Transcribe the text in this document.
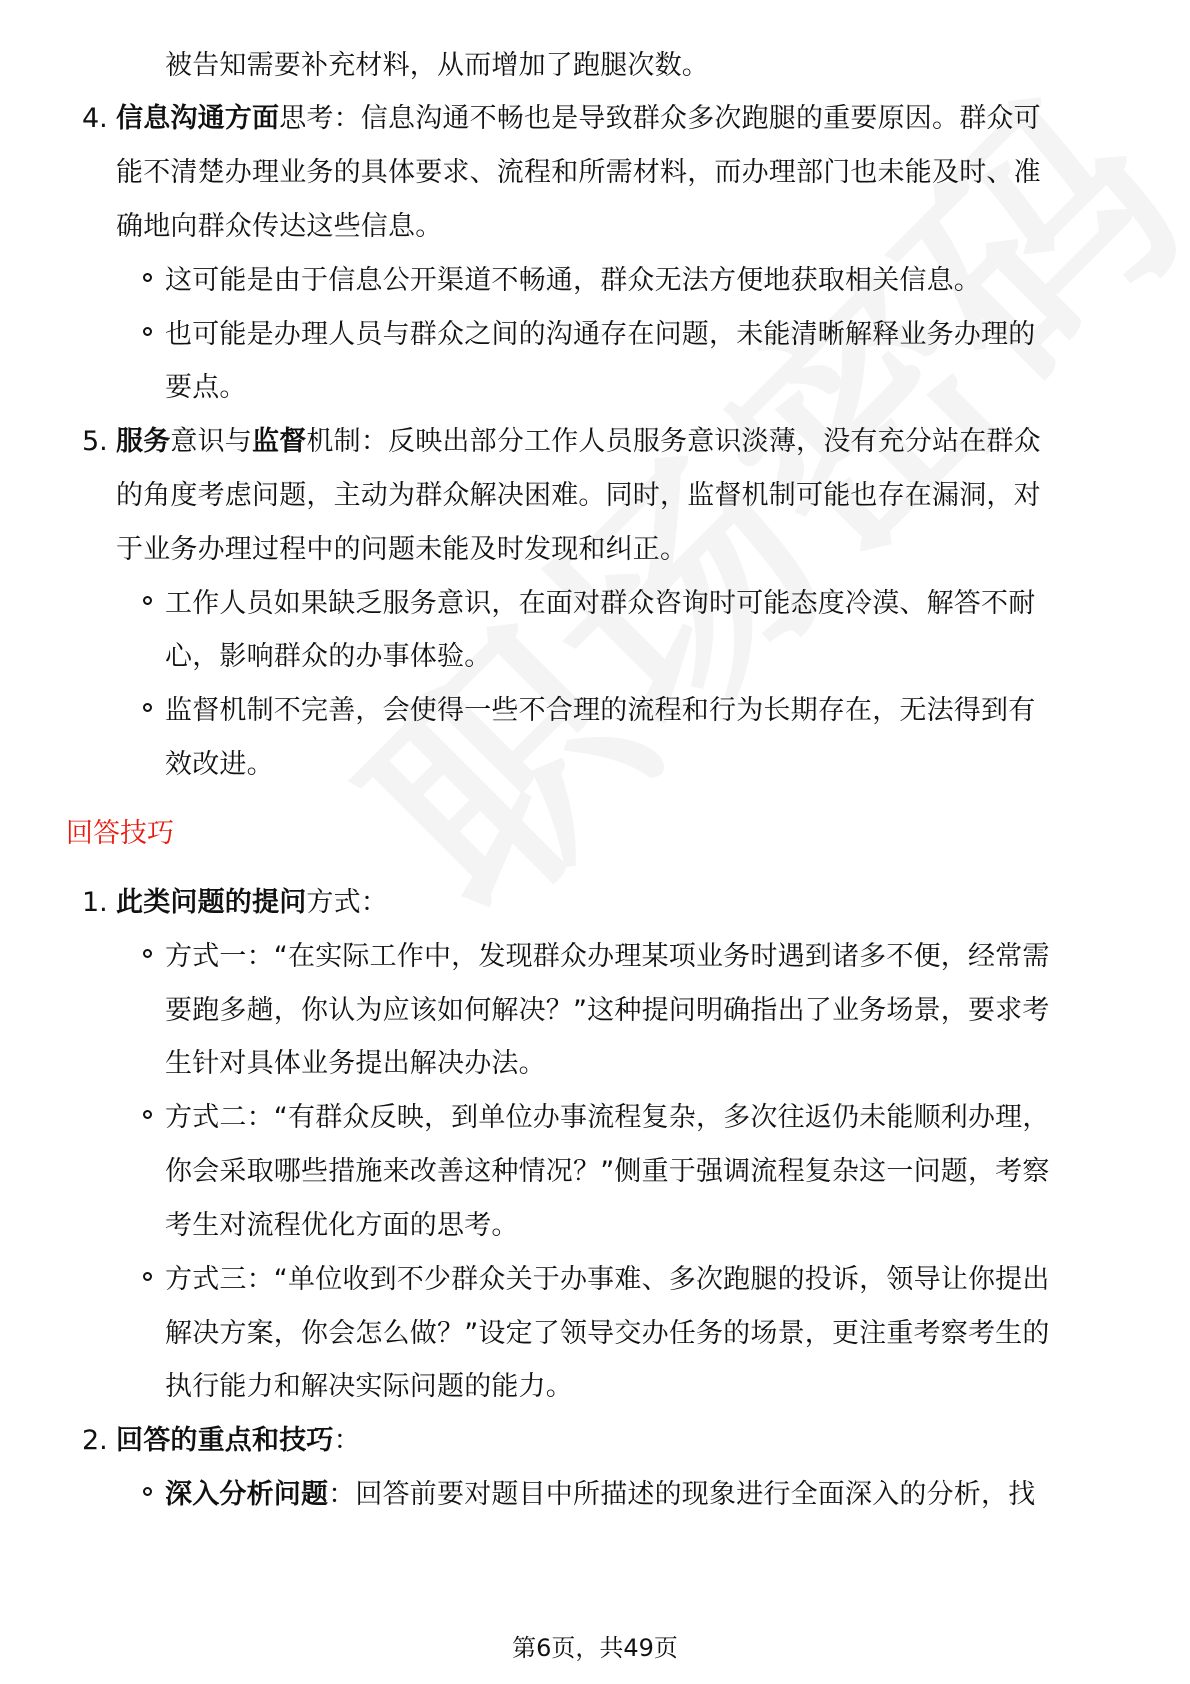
被告知需要补充材料，从而增加了跑腿次数。
4. 信息沟通方面思考：信息沟通不畅也是导致群众多次跑腿的重要原因。群众可
能不清楚办理业务的具体要求、流程和所需材料，而办理部门也未能及时、准
确地向群众传达这些信息。
这可能是由于信息公开渠道不畅通，群众无法方便地获取相关信息。
也可能是办理人员与群众之间的沟通存在问题，未能清晰解释业务办理的
要点。
5. 服务意识与监督机制：反映出部分工作人员服务意识淡薄，没有充分站在群众
的角度考虑问题，主动为群众解决困难。同时，监督机制可能也存在漏洞，对
于业务办理过程中的问题未能及时发现和纠正。
工作人员如果缺乏服务意识，在面对群众咨询时可能态度冷漠、解答不耐
心，影响群众的办事体验。
监督机制不完善，会使得一些不合理的流程和行为长期存在，无法得到有
效改进。
回答技巧
1. 此类问题的提问方式：
方式一：“在实际工作中，发现群众办理某项业务时遇到诸多不便，经常需
要跑多趟，你认为应该如何解决？”这种提问明确指出了业务场景，要求考
生针对具体业务提出解决办法。
方式二：“有群众反映，到单位办事流程复杂，多次往返仍未能顺利办理，
你会采取哪些措施来改善这种情况？”侧重于强调流程复杂这一问题，考察
考生对流程优化方面的思考。
方式三：“单位收到不少群众关于办事难、多次跑腿的投诉，领导让你提出
解决方案，你会怎么做？”设定了领导交办任务的场景，更注重考察考生的
执行能力和解决实际问题的能力。
2. 回答的重点和技巧：
深入分析问题：回答前要对题目中所描述的现象进行全面深入的分析，找
第6页，共49页
